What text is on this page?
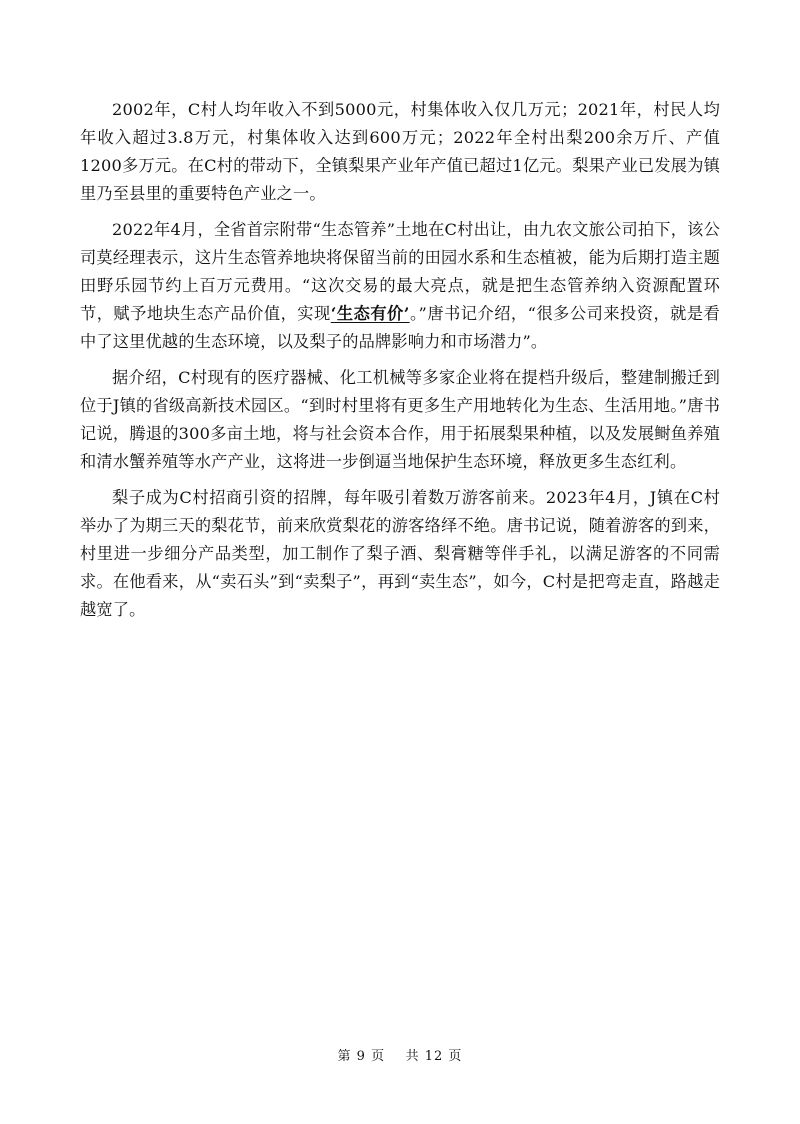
2002年，C村人均年收入不到5000元，村集体收入仅几万元；2021年，村民人均年收入超过3.8万元，村集体收入达到600万元；2022年全村出梨200余万斤、产值1200多万元。在C村的带动下，全镇梨果产业年产值已超过1亿元。梨果产业已发展为镇里乃至县里的重要特色产业之一。

2022年4月，全省首宗附带“生态管养”土地在C村出让，由九农文旅公司拍下，该公司莫经理表示，这片生态管养地块将保留当前的田园水系和生态植被，能为后期打造主题田野乐园节约上百万元费用。“这次交易的最大亮点，就是把生态管养纳入资源配置环节，赋予地块生态产品价值，实现‘生态有价’。”唐书记介绍，“很多公司来投资，就是看中了这里优越的生态环境，以及梨子的品牌影响力和市场潜力”。

据介绍，C村现有的医疗器械、化工机械等多家企业将在提档升级后，整建制搬迁到位于J镇的省级高新技术园区。“到时村里将有更多生产用地转化为生态、生活用地。”唐书记说，腾退的300多亩土地，将与社会资本合作，用于拓展梨果种植，以及发展鲥鱼养殖和清水蟹养殖等水产产业，这将进一步倒逼当地保护生态环境，释放更多生态红利。

梨子成为C村招商引资的招牌，每年吸引着数万游客前来。2023年4月，J镇在C村举办了为期三天的梨花节，前来欣赏梨花的游客络绎不绝。唐书记说，随着游客的到来，村里进一步细分产品类型，加工制作了梨子酒、梨膏糖等伴手礼，以满足游客的不同需求。在他看来，从“卖石头”到“卖梨子”，再到“卖生态”，如今，C村是把弯走直，路越走越宽了。

第 9 页 共 12 页
